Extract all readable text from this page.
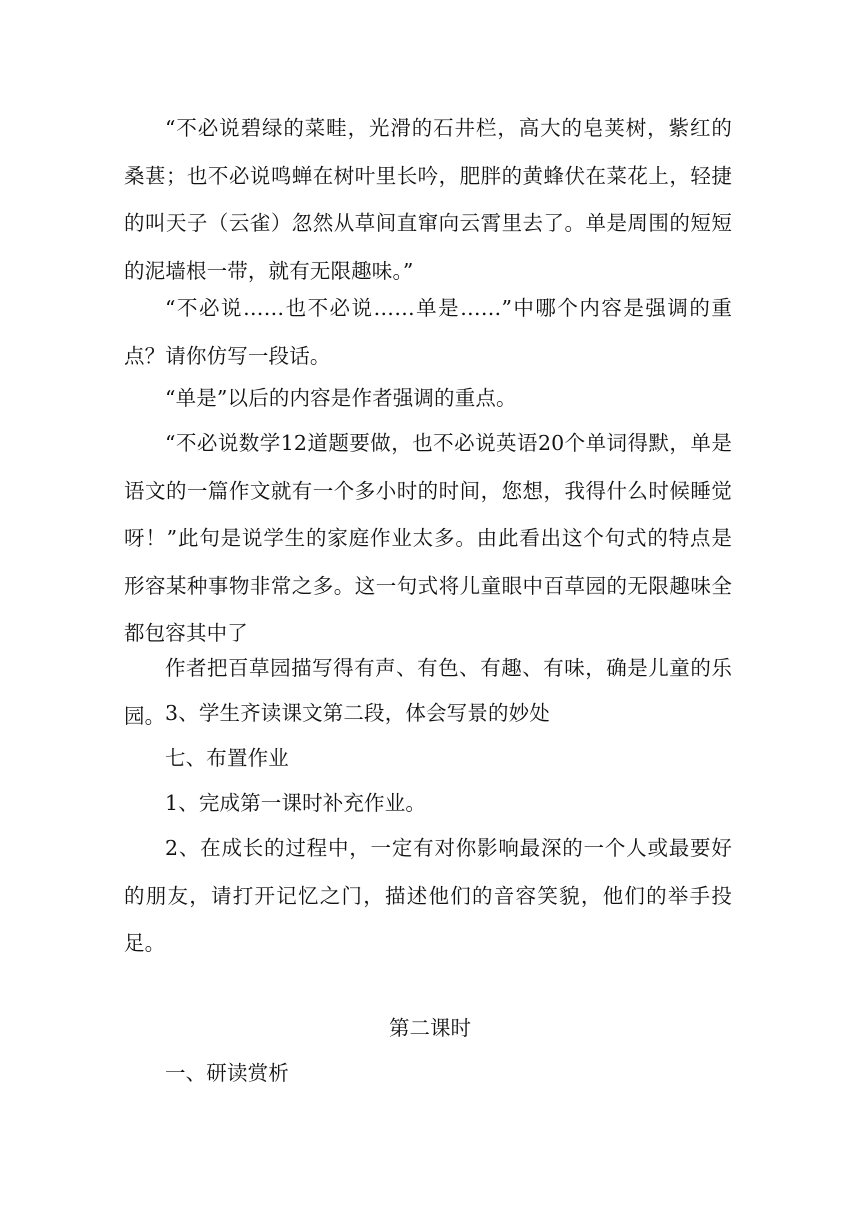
“不必说碧绿的菜畦，光滑的石井栏，高大的皂荚树，紫红的桑葚；也不必说鸣蝉在树叶里长吟，肥胖的黄蜂伏在菜花上，轻捷的叫天子（云雀）忽然从草间直窜向云霄里去了。单是周围的短短的泥墙根一带，就有无限趣味。”

“不必说……也不必说……单是……”中哪个内容是强调的重点？请你仿写一段话。

“单是”以后的内容是作者强调的重点。

“不必说数学12道题要做，也不必说英语20个单词得默，单是语文的一篇作文就有一个多小时的时间，您想，我得什么时候睡觉呀！”此句是说学生的家庭作业太多。由此看出这个句式的特点是形容某种事物非常之多。这一句式将儿童眼中百草园的无限趣味全都包容其中了

作者把百草园描写得有声、有色、有趣、有味，确是儿童的乐园。 3、学生齐读课文第二段，体会写景的妙处

七、布置作业

1、完成第一课时补充作业。

2、在成长的过程中，一定有对你影响最深的一个人或最要好的朋友，请打开记忆之门，描述他们的音容笑貌，他们的举手投足。

第二课时

一、研读赏析
